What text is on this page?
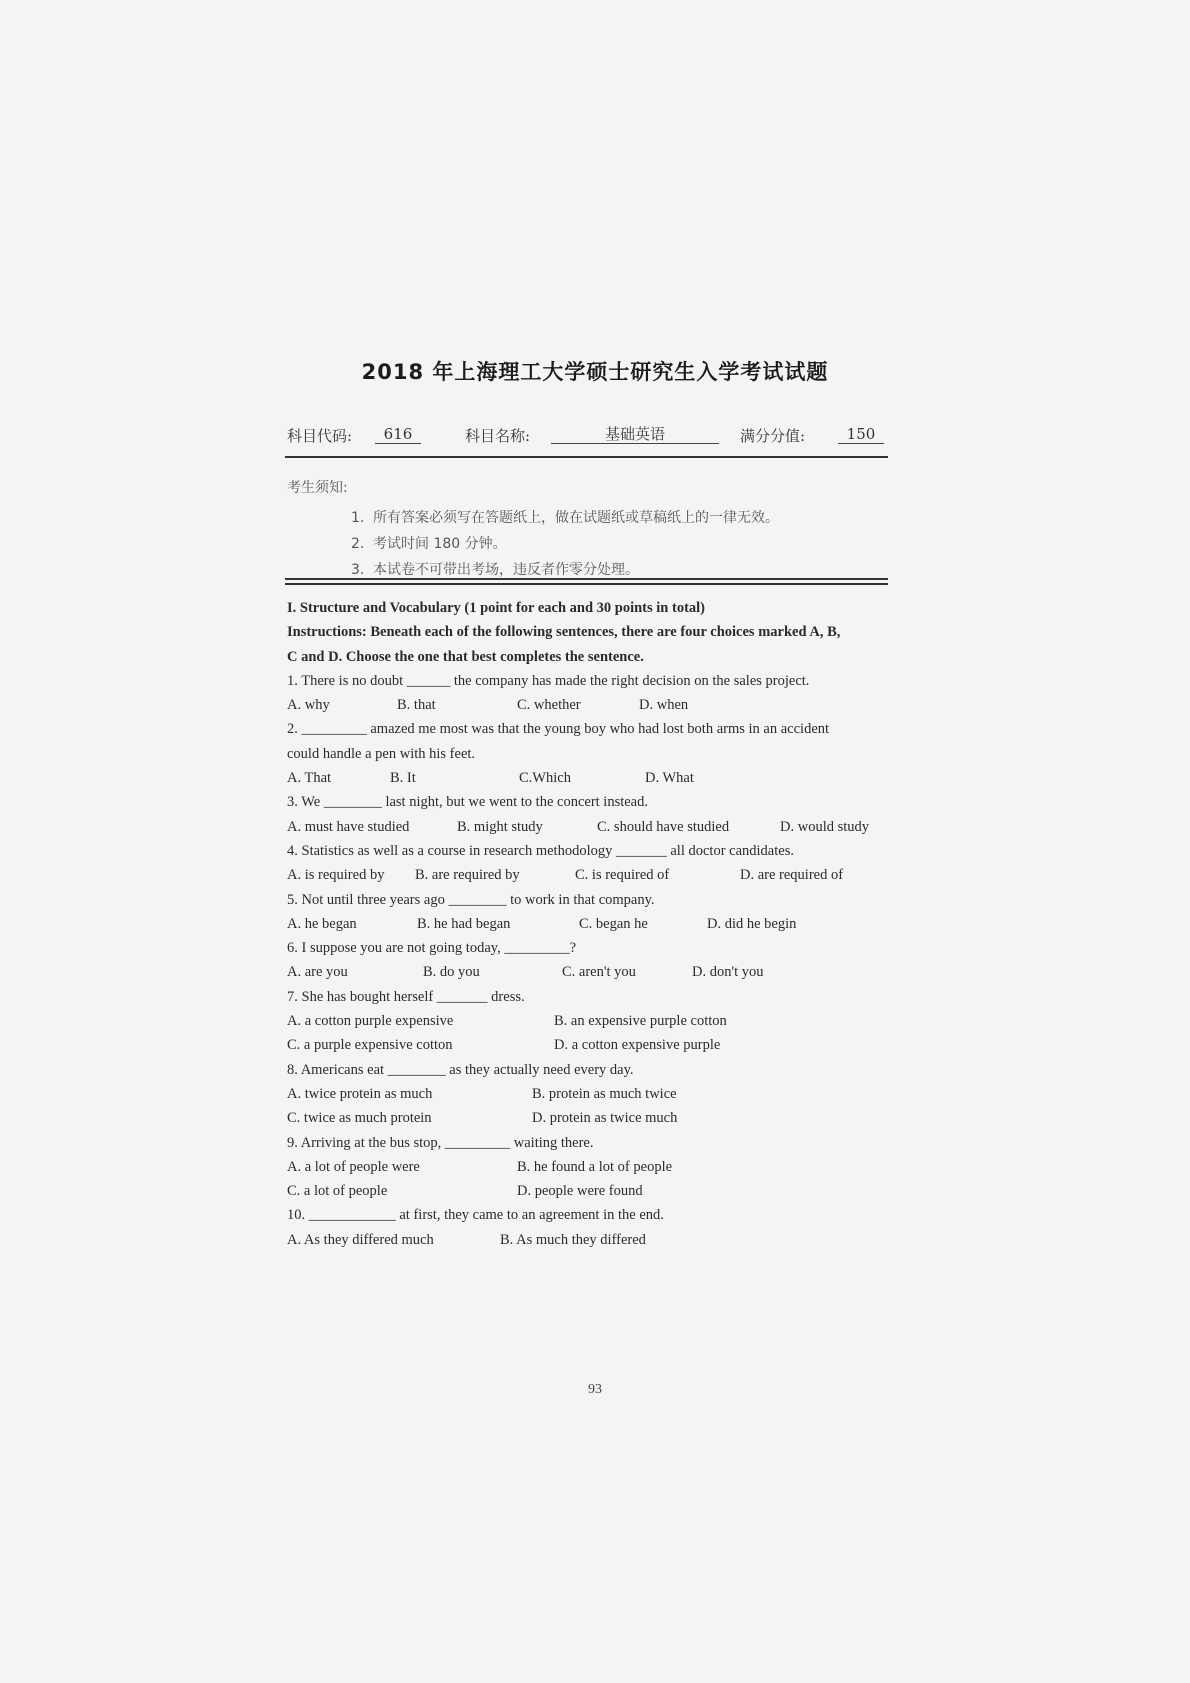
2018 年上海理工大学硕士研究生入学考试试题
科目代码:	616	科目名称:	基础英语	满分分值:	150
考生须知:
1. 所有答案必须写在答题纸上，做在试题纸或草稿纸上的一律无效。
2. 考试时间 180 分钟。
3. 本试卷不可带出考场，违反者作零分处理。
I. Structure and Vocabulary (1 point for each and 30 points in total)
Instructions: Beneath each of the following sentences, there are four choices marked A, B,
C and D. Choose the one that best completes the sentence.
1. There is no doubt ______ the company has made the right decision on the sales project.
A. why	B. that	C. whether	D. when
2. _________ amazed me most was that the young boy who had lost both arms in an accident
could handle a pen with his feet.
A. That	B. It	C.Which	D. What
3. We ________ last night, but we went to the concert instead.
A. must have studied	B. might study	C. should have studied	D. would study
4. Statistics as well as a course in research methodology _______ all doctor candidates.
A. is required by B. are required by	C. is required of	D. are required of
5. Not until three years ago ________ to work in that company.
A. he began	B. he had began	C. began he	D. did he begin
6. I suppose you are not going today, _________?
A. are you	B. do you	C. aren't you	D. don't you
7. She has bought herself _______ dress.
A. a cotton purple expensive	B. an expensive purple cotton
C. a purple expensive cotton	D. a cotton expensive purple
8. Americans eat ________ as they actually need every day.
A. twice protein as much	B. protein as much twice
C. twice as much protein	D. protein as twice much
9. Arriving at the bus stop, _________ waiting there.
A. a lot of people were	B. he found a lot of people
C. a lot of people	D. people were found
10. ____________ at first, they came to an agreement in the end.
A. As they differed much	B. As much they differed
93
